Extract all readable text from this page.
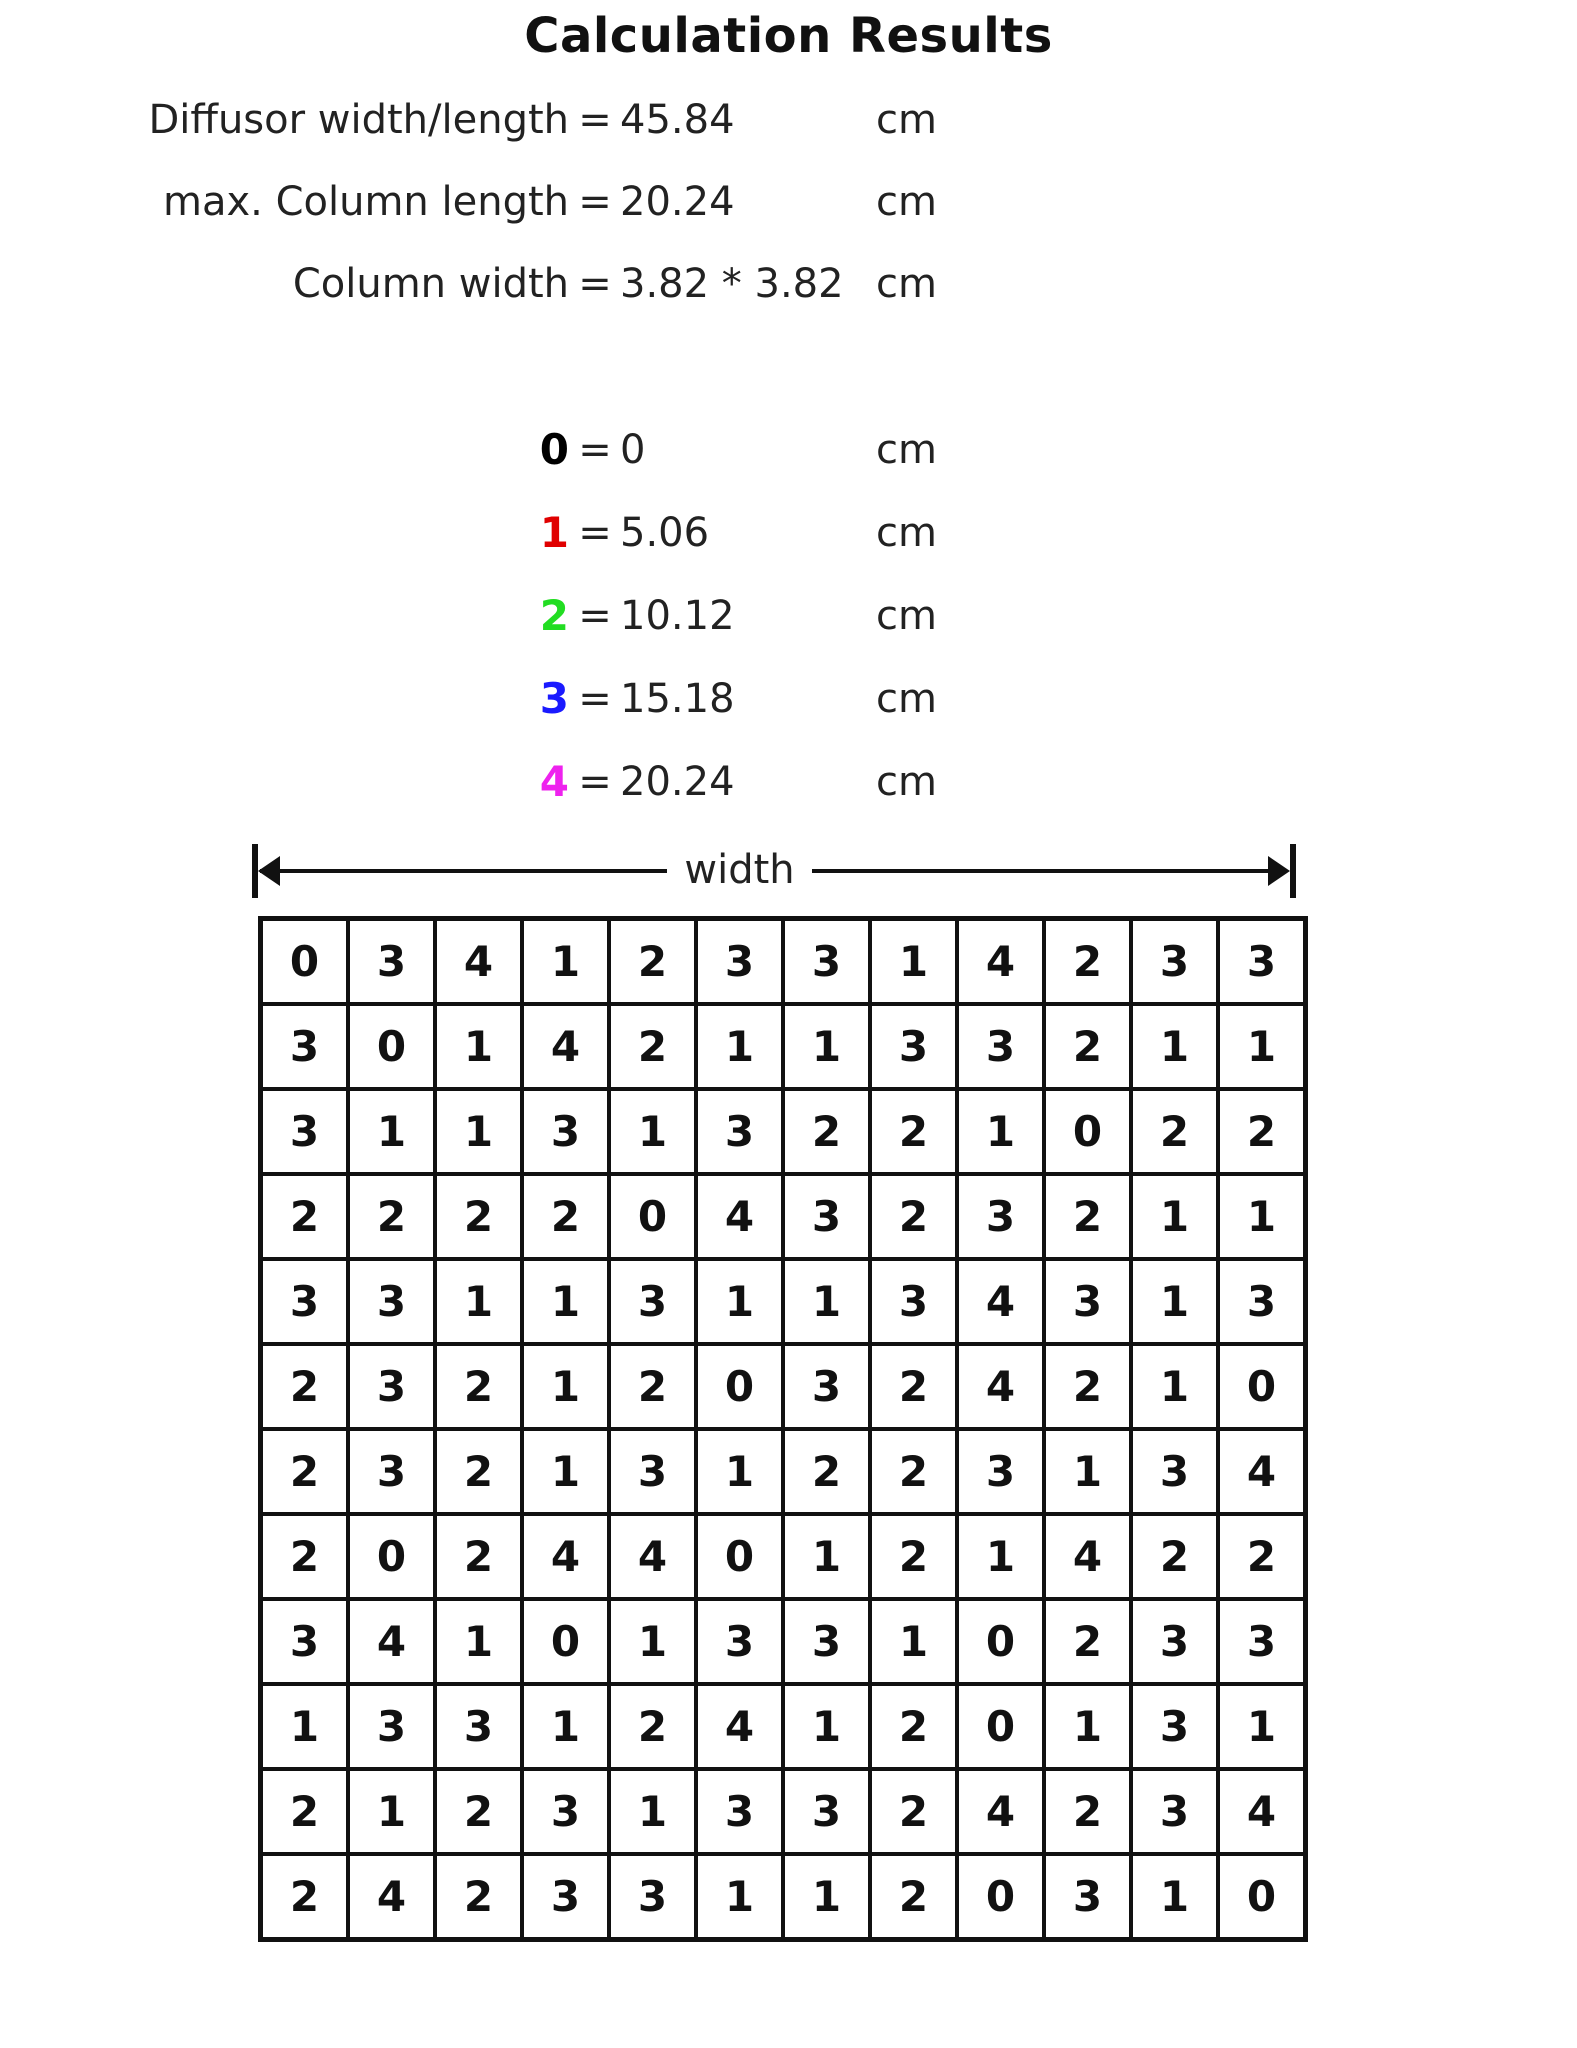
Calculation Results
Diffusor width/length = 45.84	cm
max. Column length = 20.24	cm
Column width = 3.82 * 3.82 cm
0 = 0	cm
1 = 5.06	cm
2 = 10.12	cm
3 = 15.18	cm
4 = 20.24	cm
width
0	3	4	1	2	3	3	1	4	2	3	3
3	0	1	4	2	1	1	3	3	2	1	1
3	1	1	3	1	3	2	2	1	0	2	2
2	2	2	2	0	4	3	2	3	2	1	1
3	3	1	1	3	1	1	3	4	3	1	3
2	3	2	1	2	0	3	2	4	2	1	0
2	3	2	1	3	1	2	2	3	1	3	4
2	0	2	4	4	0	1	2	1	4	2	2
3	4	1	0	1	3	3	1	0	2	3	3
1	3	3	1	2	4	1	2	0	1	3	1
2	1	2	3	1	3	3	2	4	2	3	4
2	4	2	3	3	1	1	2	0	3	1	0
